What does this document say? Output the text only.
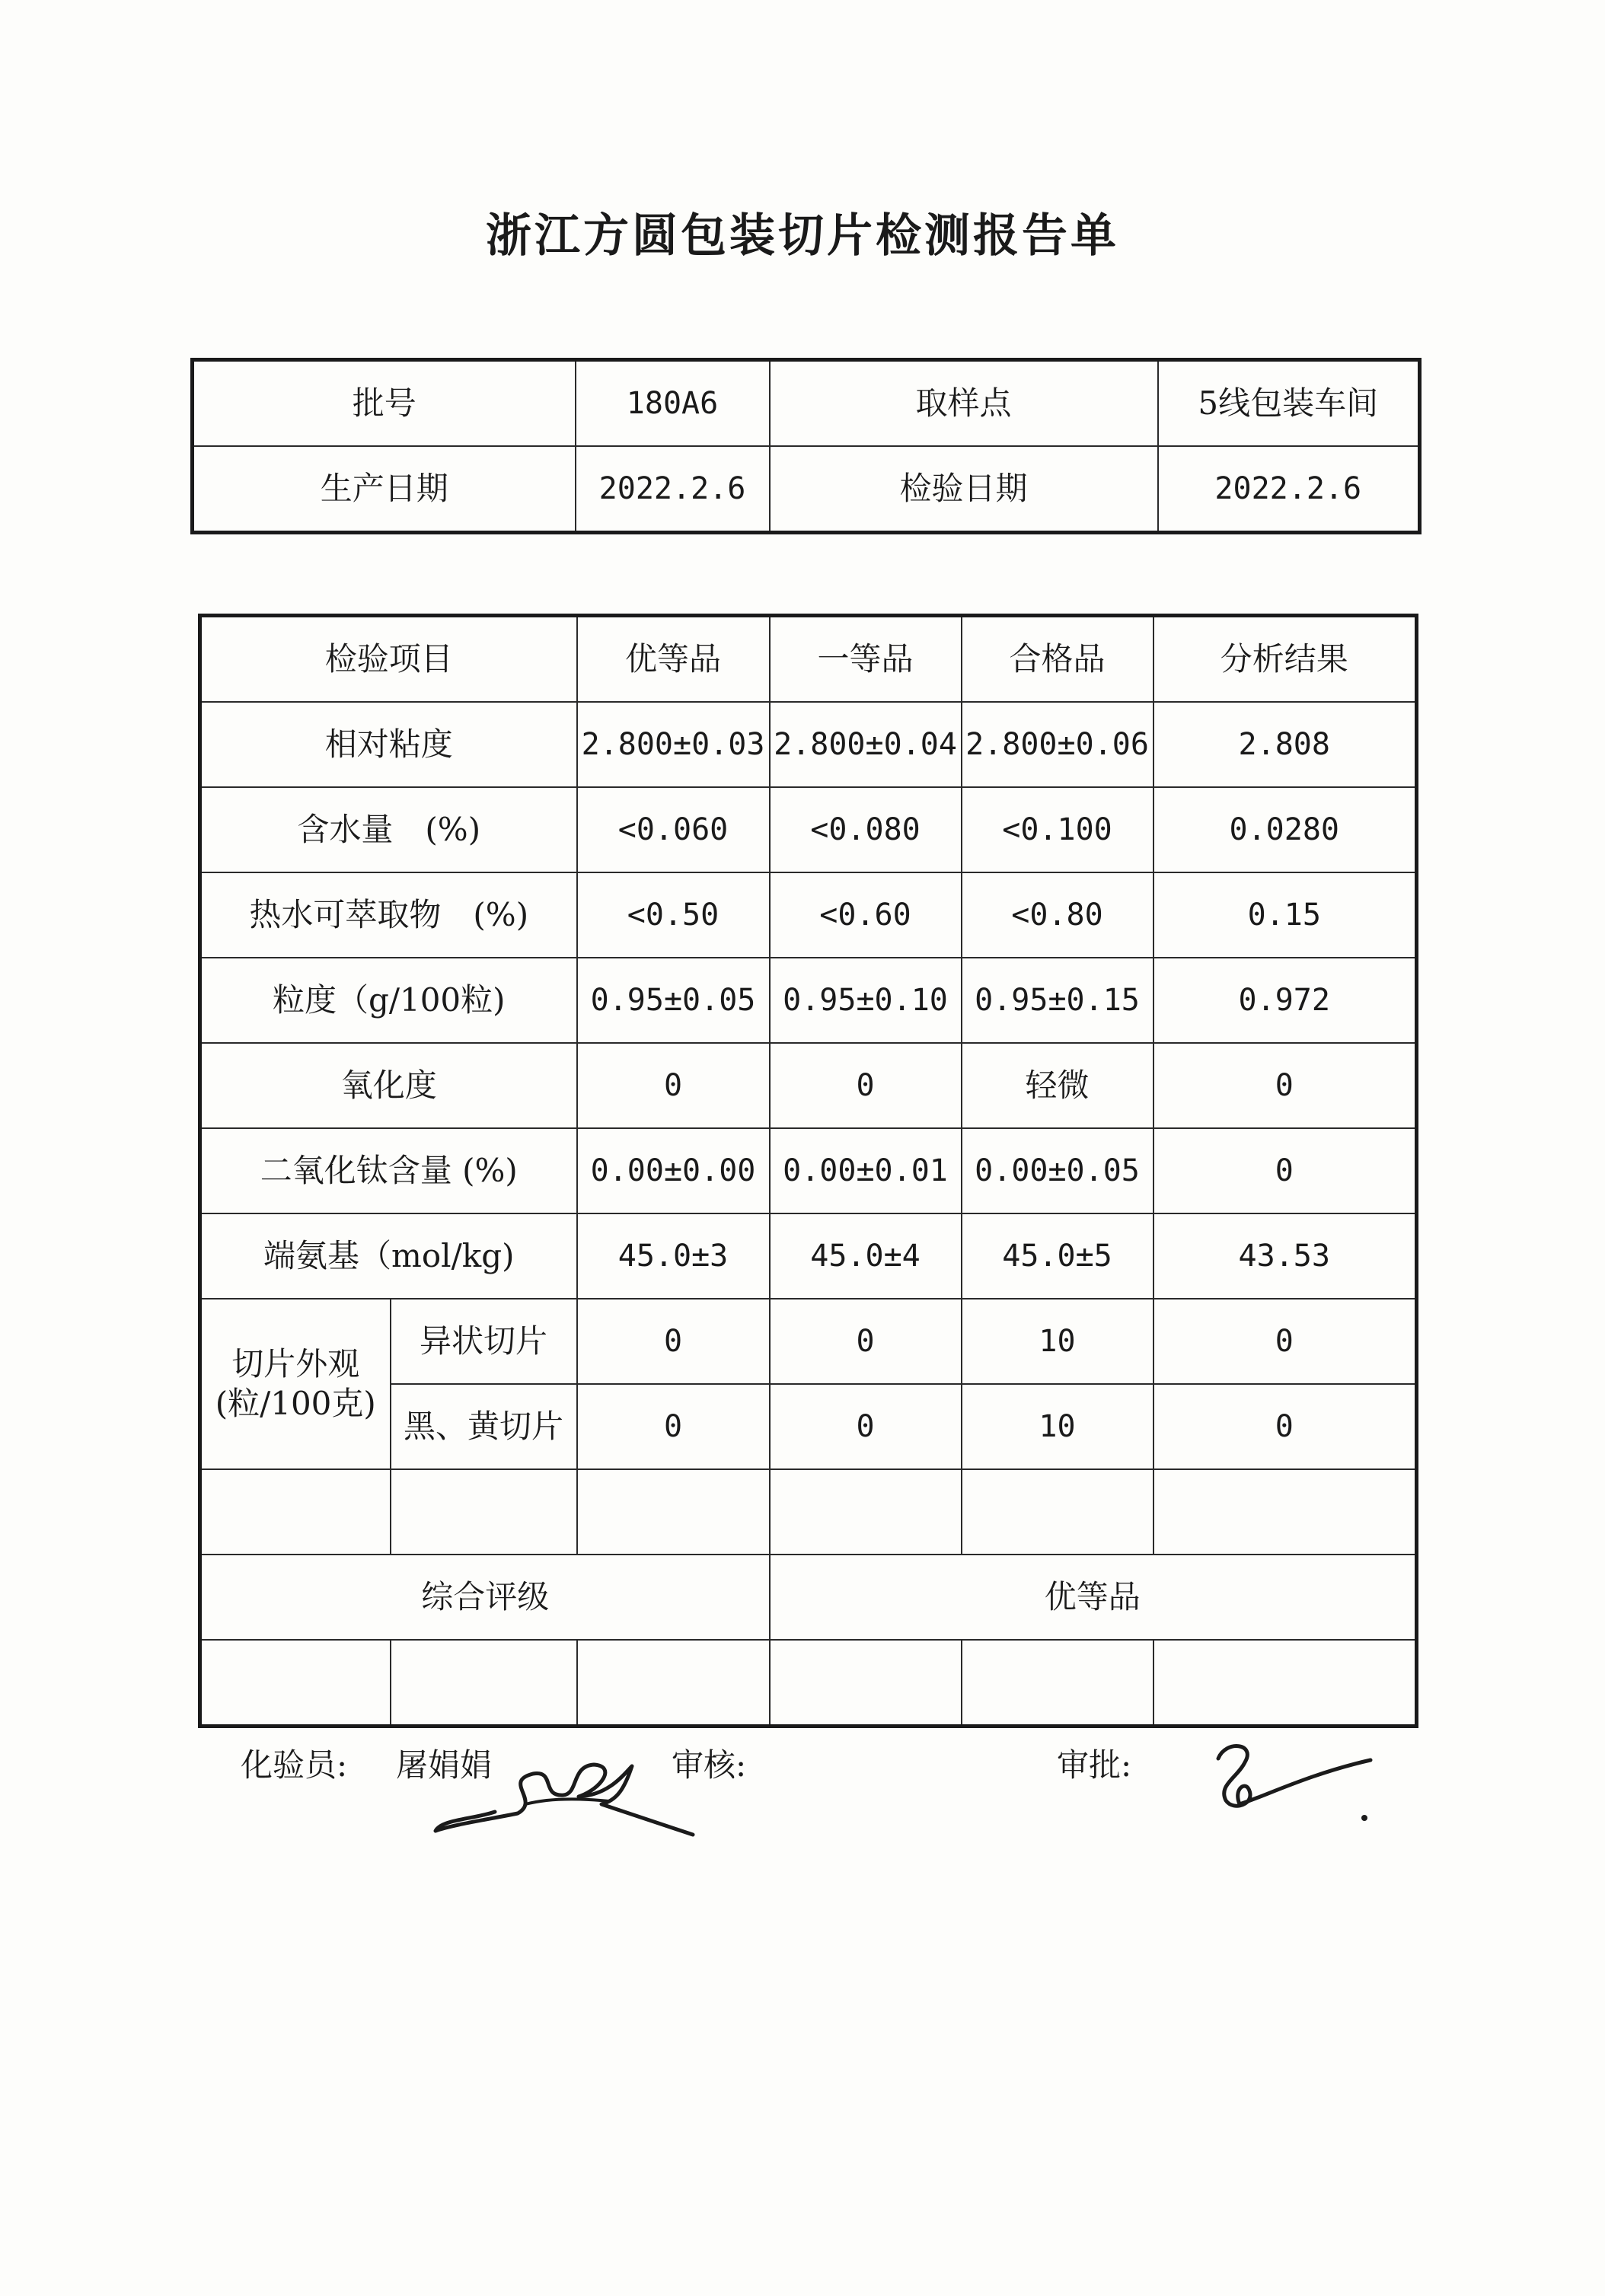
浙江方圆包装切片检测报告单
批号	180A6	取样点	5线包装车间
生产日期	2022.2.6	检验日期	2022.2.6
检验项目		优等品	一等品	合格品	分析结果
相对粘度		2.800±0.03	2.800±0.04	2.800±0.06	2.808
含水量　(%)		<0.060	<0.080	<0.100	0.0280
热水可萃取物　(%)		<0.50	<0.60	<0.80	0.15
粒度（g/100粒)		0.95±0.05	0.95±0.10	0.95±0.15	0.972
氧化度		0	0	轻微	0
二氧化钛含量 (%)		0.00±0.00	0.00±0.01	0.00±0.05	0
端氨基（mol/kg)		45.0±3	45.0±4	45.0±5	43.53

切片外观
(粒/100克)	异状切片	0	0	10	0
	黑、黄切片	0	0	10	0

综合评级			优等品		

化验员: 屠娟娟	审核:	审批:
